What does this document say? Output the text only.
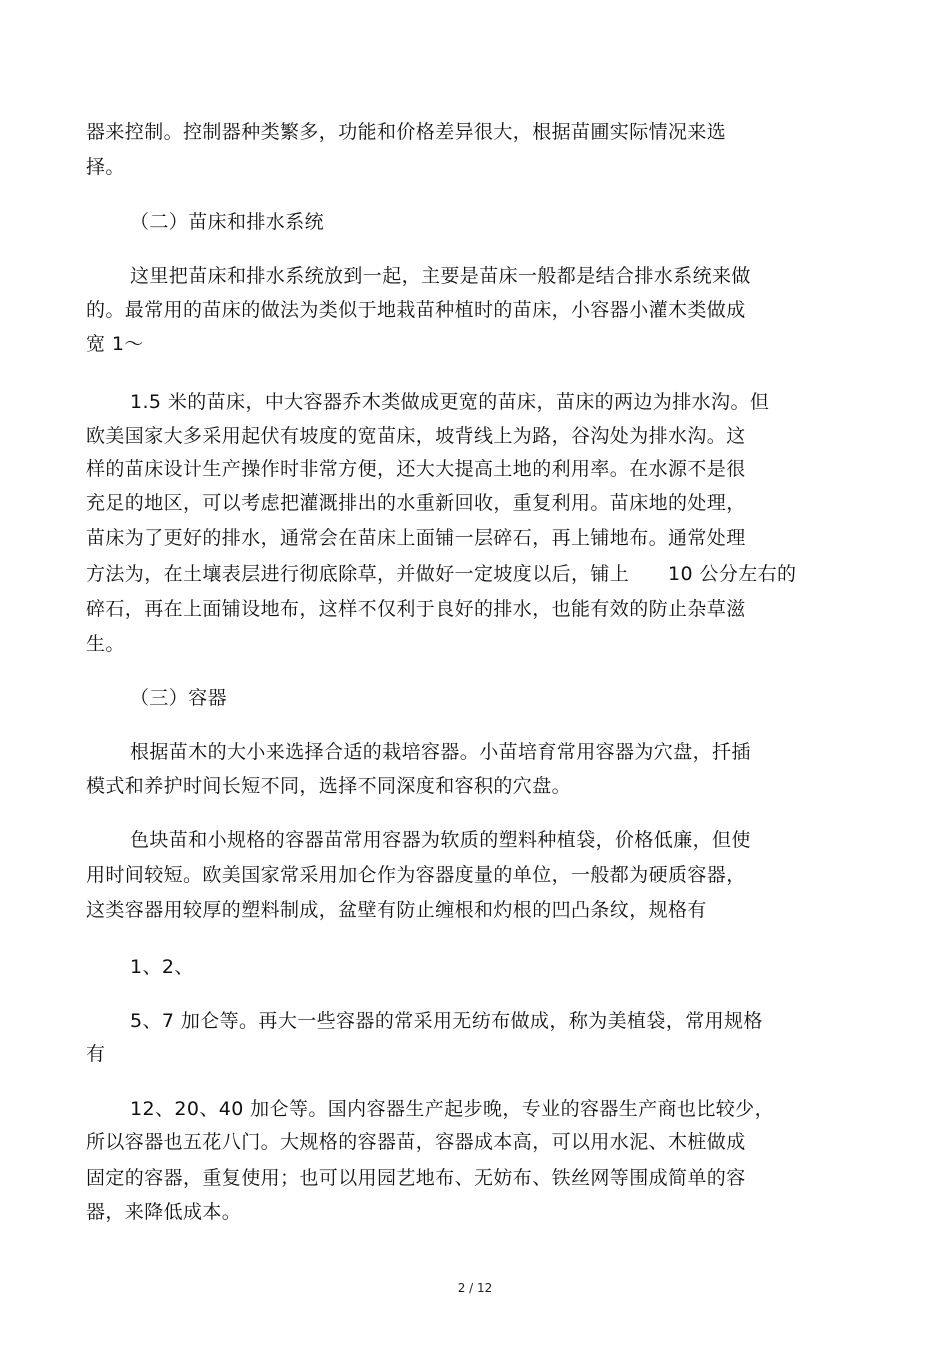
器来控制。控制器种类繁多，功能和价格差异很大，根据苗圃实际情况来选
择。
（二）苗床和排水系统
这里把苗床和排水系统放到一起，主要是苗床一般都是结合排水系统来做
的。最常用的苗床的做法为类似于地栽苗种植时的苗床，小容器小灌木类做成
宽 1～
1.5 米的苗床，中大容器乔木类做成更宽的苗床，苗床的两边为排水沟。但
欧美国家大多采用起伏有坡度的宽苗床，坡背线上为路，谷沟处为排水沟。这
样的苗床设计生产操作时非常方便，还大大提高土地的利用率。在水源不是很
充足的地区，可以考虑把灌溉排出的水重新回收，重复利用。苗床地的处理，
苗床为了更好的排水，通常会在苗床上面铺一层碎石，再上铺地布。通常处理
方法为，在土壤表层进行彻底除草，并做好一定坡度以后，铺上　　10 公分左右的
碎石，再在上面铺设地布，这样不仅利于良好的排水，也能有效的防止杂草滋
生。
（三）容器
根据苗木的大小来选择合适的栽培容器。小苗培育常用容器为穴盘，扦插
模式和养护时间长短不同，选择不同深度和容积的穴盘。
色块苗和小规格的容器苗常用容器为软质的塑料种植袋，价格低廉，但使
用时间较短。欧美国家常采用加仑作为容器度量的单位，一般都为硬质容器，
这类容器用较厚的塑料制成，盆壁有防止缠根和灼根的凹凸条纹，规格有
1、2、
5、7 加仑等。再大一些容器的常采用无纺布做成，称为美植袋，常用规格
有
12、20、40 加仑等。国内容器生产起步晚，专业的容器生产商也比较少，
所以容器也五花八门。大规格的容器苗，容器成本高，可以用水泥、木桩做成
固定的容器，重复使用；也可以用园艺地布、无妨布、铁丝网等围成简单的容
器，来降低成本。
2 / 12
